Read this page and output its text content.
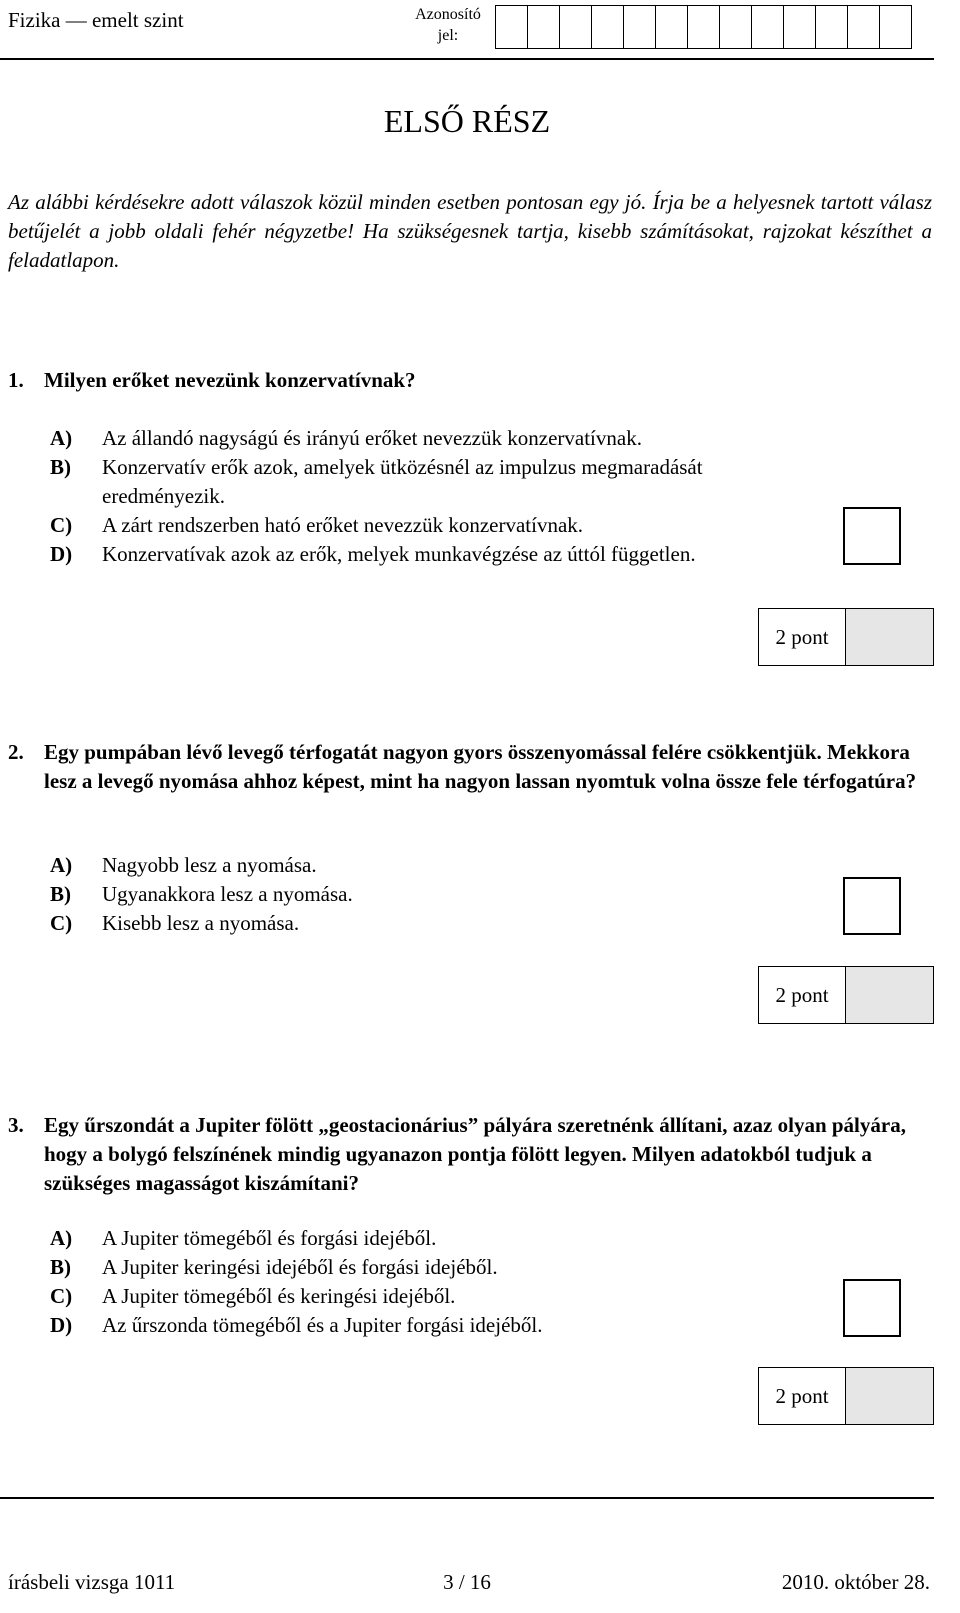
Fizika — emelt szint	Azonosító
jel:
ELSŐ RÉSZ

Az alábbi kérdésekre adott válaszok közül minden esetben pontosan egy jó. Írja be a helyesnek tartott válasz betűjelét a jobb oldali fehér négyzetbe! Ha szükségesnek tartja, kisebb számításokat, rajzokat készíthet a feladatlapon.

1. Milyen erőket nevezünk konzervatívnak?
A) Az állandó nagyságú és irányú erőket nevezzük konzervatívnak.
B) Konzervatív erők azok, amelyek ütközésnél az impulzus megmaradását eredményezik.
C) A zárt rendszerben ható erőket nevezzük konzervatívnak.
D) Konzervatívak azok az erők, melyek munkavégzése az úttól független.
2 pont
2. Egy pumpában lévő levegő térfogatát nagyon gyors összenyomással felére csökkentjük. Mekkora lesz a levegő nyomása ahhoz képest, mint ha nagyon lassan nyomtuk volna össze fele térfogatúra?
A) Nagyobb lesz a nyomása.
B) Ugyanakkora lesz a nyomása.
C) Kisebb lesz a nyomása.
2 pont
3. Egy űrszondát a Jupiter fölött „geostacionárius” pályára szeretnénk állítani, azaz olyan pályára, hogy a bolygó felszínének mindig ugyanazon pontja fölött legyen. Milyen adatokból tudjuk a szükséges magasságot kiszámítani?
A) A Jupiter tömegéből és forgási idejéből.
B) A Jupiter keringési idejéből és forgási idejéből.
C) A Jupiter tömegéből és keringési idejéből.
D) Az űrszonda tömegéből és a Jupiter forgási idejéből.
2 pont
írásbeli vizsga 1011	3 / 16	2010. október 28.
